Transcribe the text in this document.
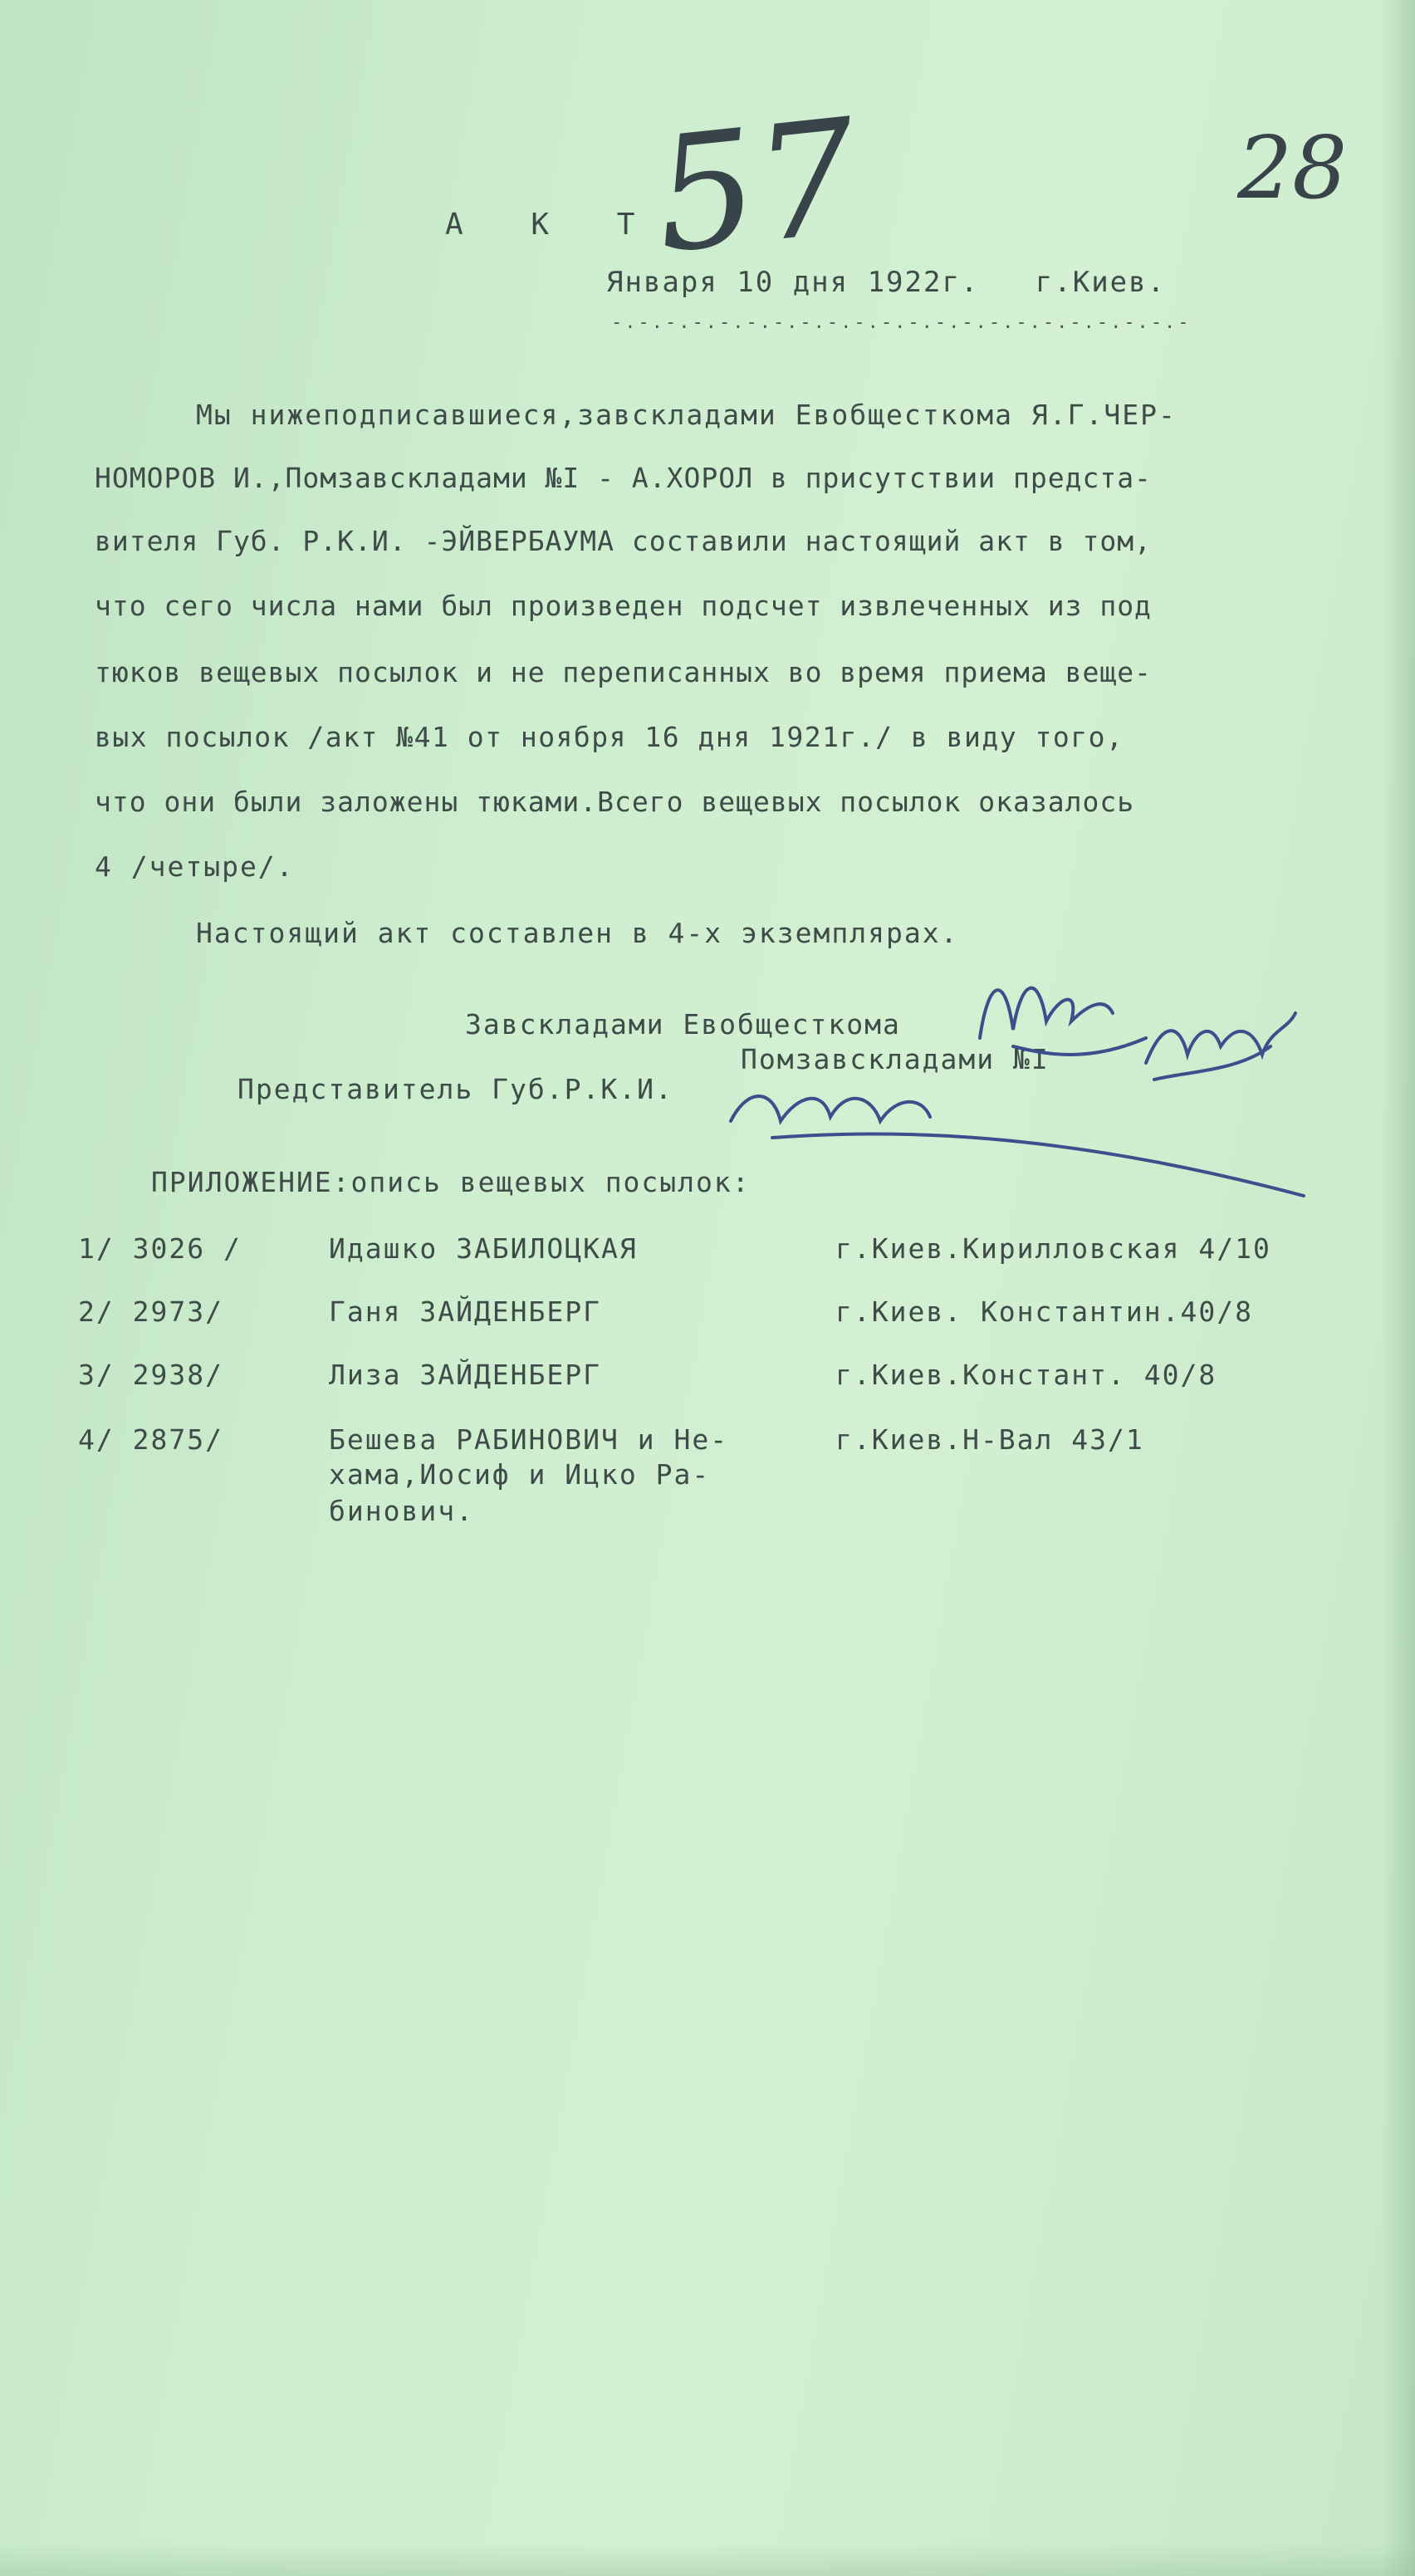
А К Т
57	28
Января 10 дня 1922г.   г.Киев.
-.-.-.-.-.-.-.-.-.-.-.-.-.-.-.-.-.-.-.-.-.-
Мы нижеподписавшиеся,завскладами Евобщесткома Я.Г.ЧЕР-
НОМОРОВ И.,Помзавскладами №I - А.ХОРОЛ в присутствии предста-
вителя Губ. Р.К.И. -ЭЙВЕРБАУМА составили настоящий акт в том,
что сего числа нами был произведен подсчет извлеченных из под
тюков вещевых посылок и не переписанных во время приема веще-
вых посылок /акт №41 от ноября 16 дня 1921г./ в виду того,
что они были заложены тюками.Всего вещевых посылок оказалось
4 /четыре/.
Настоящий акт составлен в 4-х экземплярах.
Завскладами Евобщесткома
Помзавскладами №I
Представитель Губ.Р.К.И.
ПРИЛОЖЕНИЕ:опись вещевых посылок:
1/ 3026 /	Идашко ЗАБИЛОЦКАЯ	г.Киев.Кирилловская 4/10
2/ 2973/	Ганя ЗАЙДЕНБЕРГ	г.Киев. Константин.40/8
3/ 2938/	Лиза ЗАЙДЕНБЕРГ	г.Киев.Констант. 40/8
4/ 2875/	Бешева РАБИНОВИЧ и Не-	г.Киев.Н-Вал 43/1
хама,Иосиф и Ицко Ра-
бинович.
